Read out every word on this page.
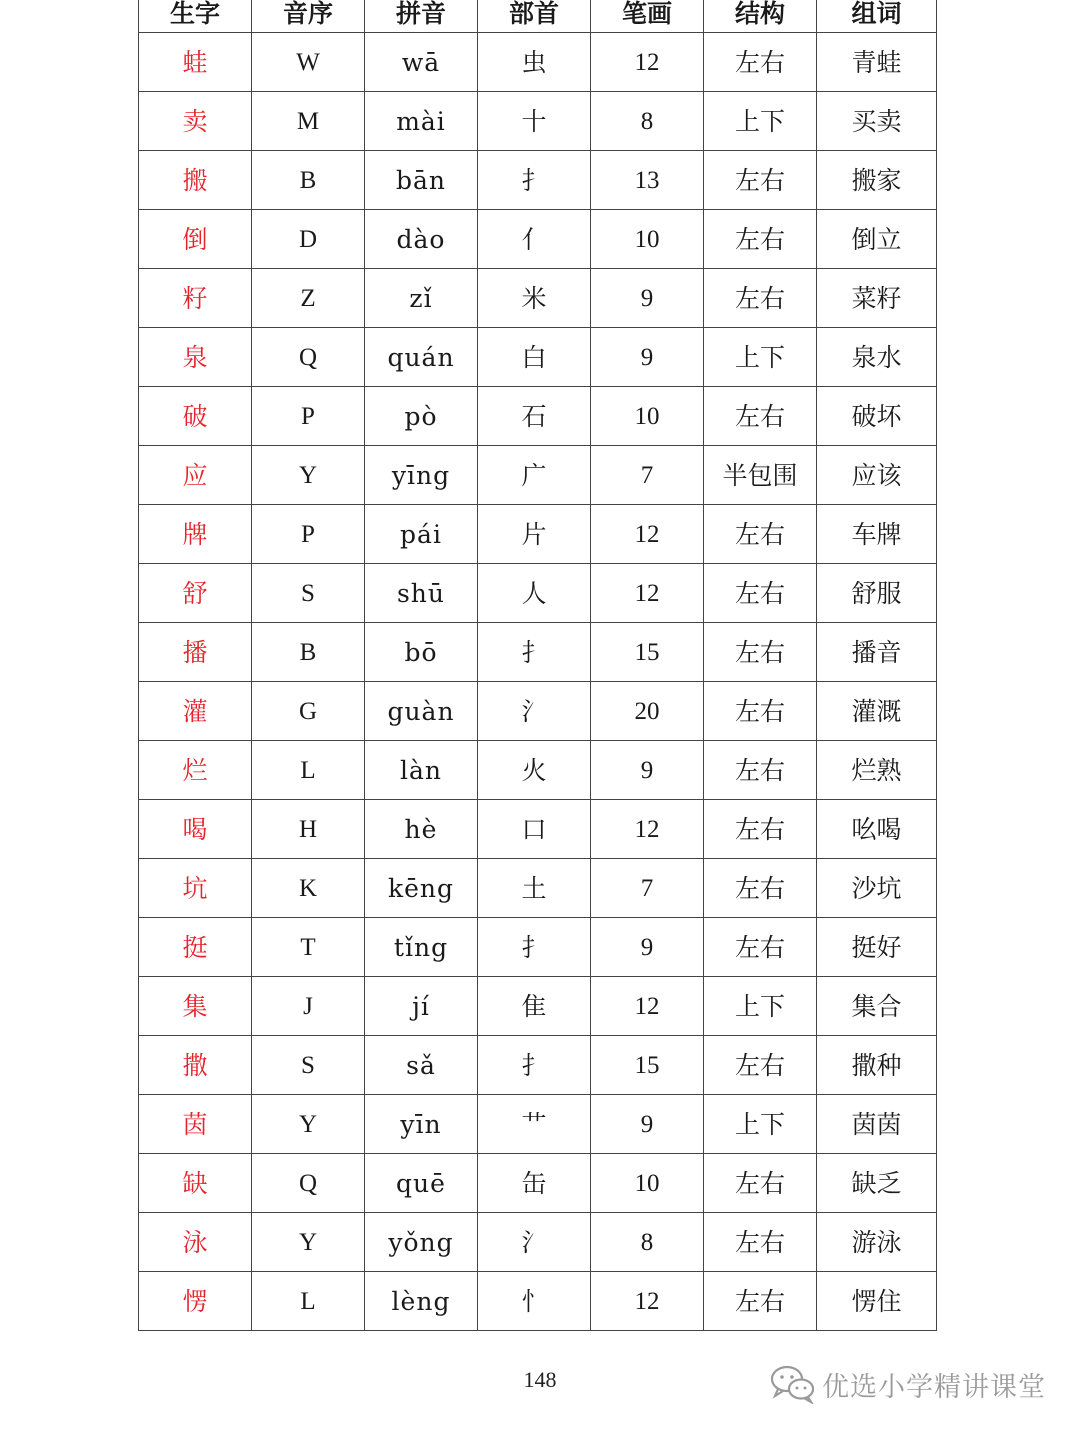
生字	音序	拼音	部首	笔画	结构	组词
蛙	W	wā	虫	12	左右	青蛙
卖	M	mài	十	8	上下	买卖
搬	B	bān	扌	13	左右	搬家
倒	D	dào	亻	10	左右	倒立
籽	Z	zǐ	米	9	左右	菜籽
泉	Q	quán	白	9	上下	泉水
破	P	pò	石	10	左右	破坏
应	Y	yīng	广	7	半包围	应该
牌	P	pái	片	12	左右	车牌
舒	S	shū	人	12	左右	舒服
播	B	bō	扌	15	左右	播音
灌	G	guàn	氵	20	左右	灌溉
烂	L	làn	火	9	左右	烂熟
喝	H	hè	口	12	左右	吆喝
坑	K	kēng	土	7	左右	沙坑
挺	T	tǐng	扌	9	左右	挺好
集	J	jí	隹	12	上下	集合
撒	S	sǎ	扌	15	左右	撒种
茵	Y	yīn	艹	9	上下	茵茵
缺	Q	quē	缶	10	左右	缺乏
泳	Y	yǒng	氵	8	左右	游泳
愣	L	lèng	忄	12	左右	愣住
148	优选小学精讲课堂
